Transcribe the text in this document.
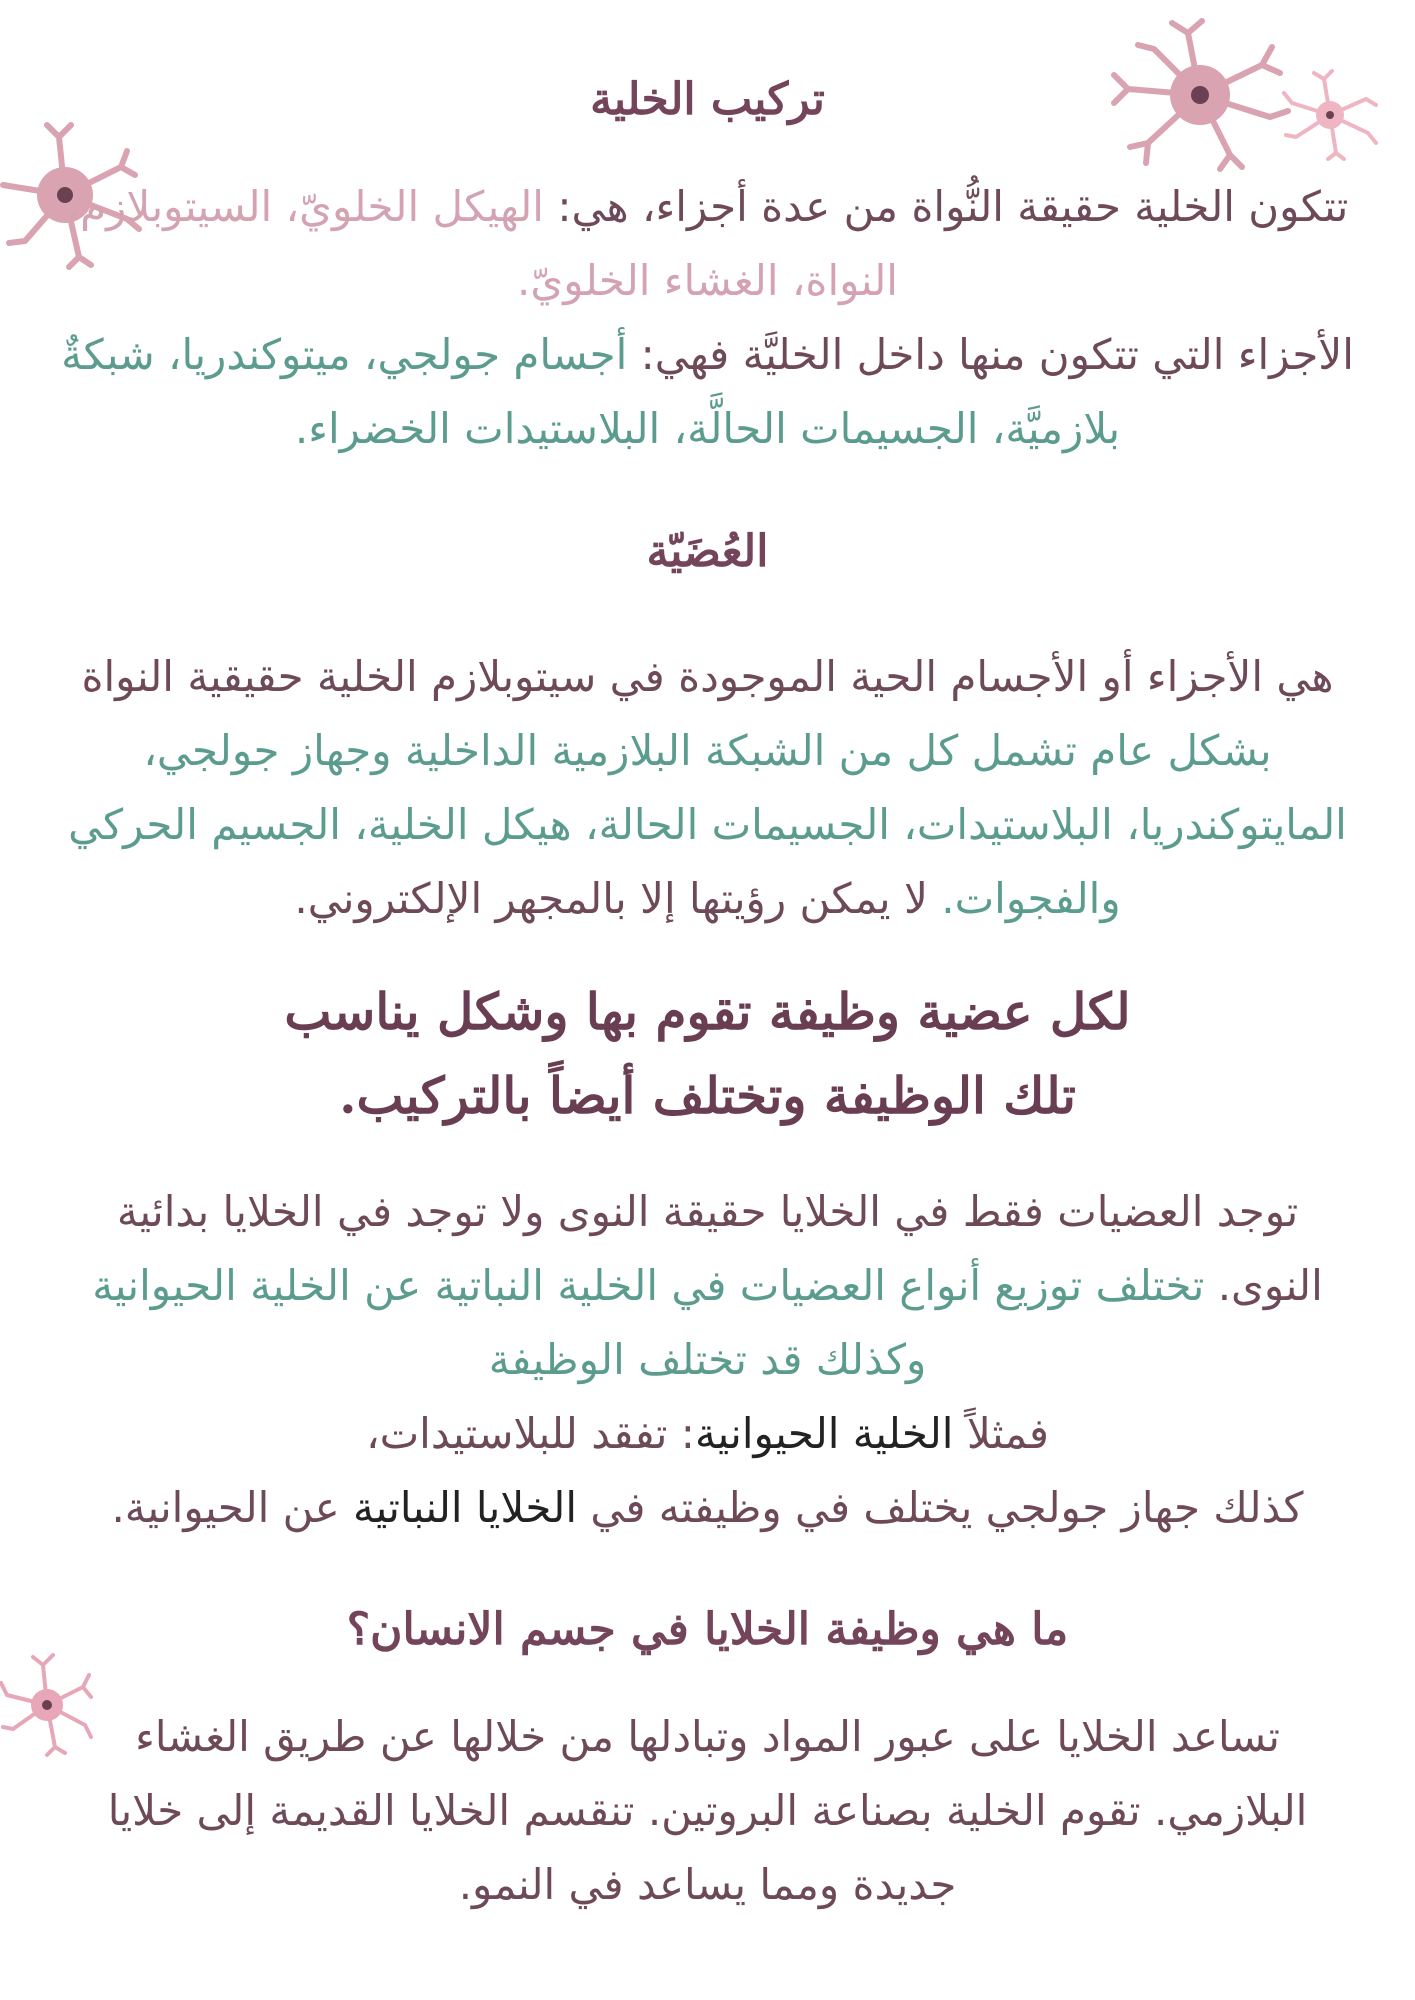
تركيب الخلية

تتكون الخلية حقيقة النُّواة من عدة أجزاء، هي: الهيكل الخلويّ، السيتوبلازم، النواة، الغشاء الخلويّ.

الأجزاء التي تتكون منها داخل الخليَّة فهي: أجسام جولجي، ميتوكندريا، شبكةٌ بلازميَّة، الجسيمات الحالَّة، البلاستيدات الخضراء.

العُضَيّة

هي الأجزاء أو الأجسام الحية الموجودة في سيتوبلازم الخلية حقيقية النواة بشكل عام تشمل كل من الشبكة البلازمية الداخلية وجهاز جولجي، المايتوكندريا، البلاستيدات، الجسيمات الحالة، هيكل الخلية، الجسيم الحركي والفجوات. لا يمكن رؤيتها إلا بالمجهر الإلكتروني.

لكل عضية وظيفة تقوم بها وشكل يناسب

تلك الوظيفة وتختلف أيضاً بالتركيب.

توجد العضيات فقط في الخلايا حقيقة النوى ولا توجد في الخلايا بدائية النوى. تختلف توزيع أنواع العضيات في الخلية النباتية عن الخلية الحيوانية وكذلك قد تختلف الوظيفة

فمثلاً الخلية الحيوانية: تفقد للبلاستيدات،

كذلك جهاز جولجي يختلف في وظيفته في الخلايا النباتية عن الحيوانية.

ما هي وظيفة الخلايا في جسم الانسان؟

تساعد الخلايا على عبور المواد وتبادلها من خلالها عن طريق الغشاء البلازمي. تقوم الخلية بصناعة البروتين. تنقسم الخلايا القديمة إلى خلايا جديدة ومما يساعد في النمو.
